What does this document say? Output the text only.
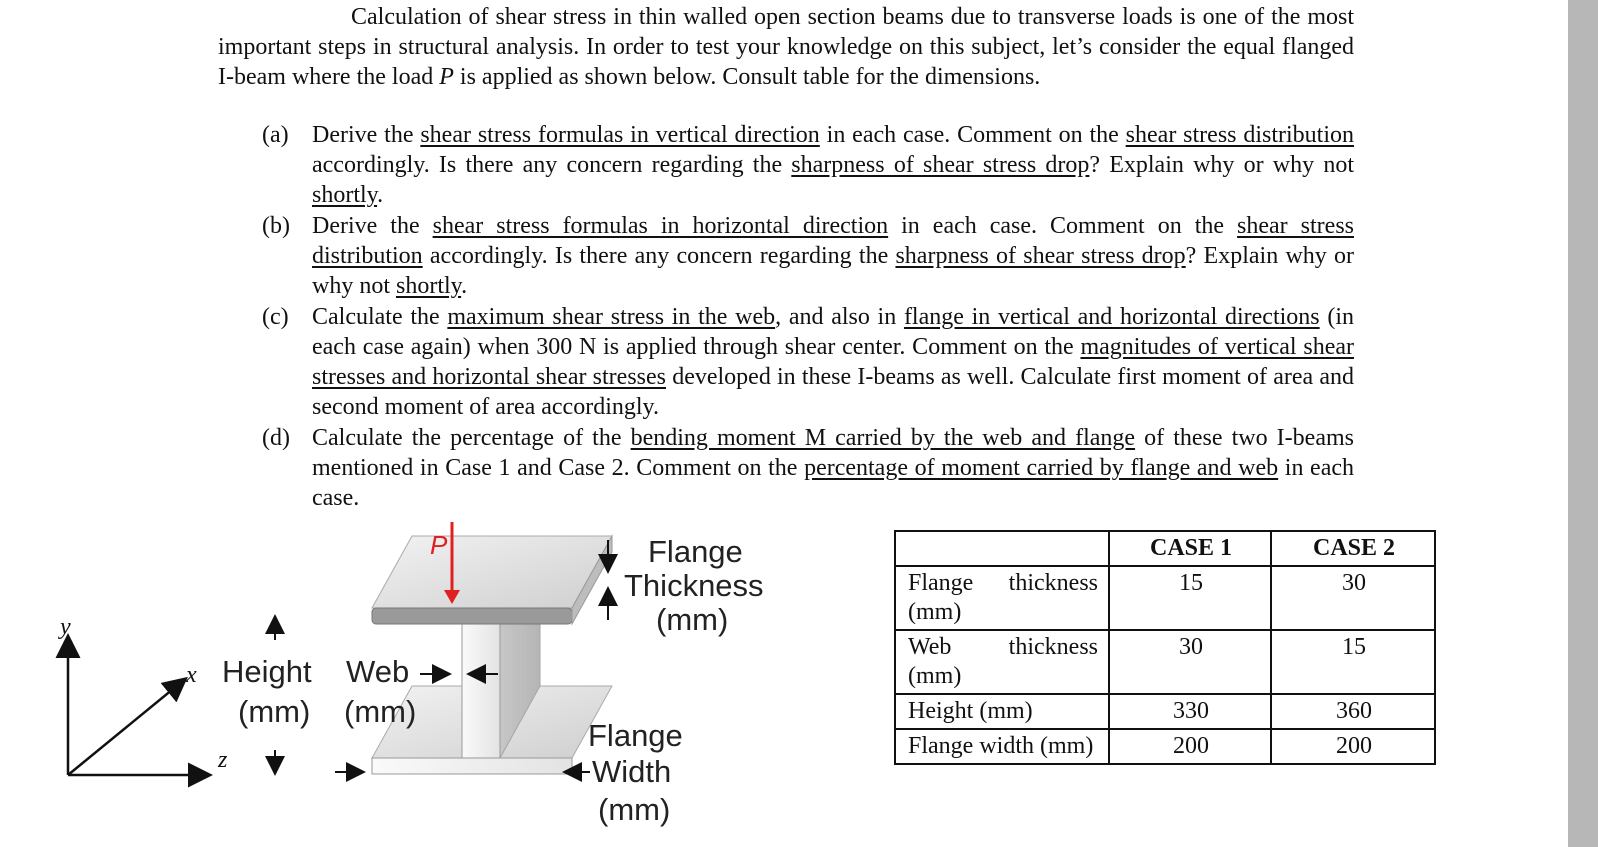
Calculation of shear stress in thin walled open section beams due to transverse loads is one of the most important steps in structural analysis. In order to test your knowledge on this subject, let’s consider the equal flanged I-beam where the load P is applied as shown below. Consult table for the dimensions.

(a) Derive the shear stress formulas in vertical direction in each case. Comment on the shear stress distribution accordingly. Is there any concern regarding the sharpness of shear stress drop? Explain why or why not shortly.
(b) Derive the shear stress formulas in horizontal direction in each case. Comment on the shear stress distribution accordingly. Is there any concern regarding the sharpness of shear stress drop? Explain why or why not shortly.
(c) Calculate the maximum shear stress in the web, and also in flange in vertical and horizontal directions (in each case again) when 300 N is applied through shear center. Comment on the magnitudes of vertical shear stresses and horizontal shear stresses developed in these I-beams as well. Calculate first moment of area and second moment of area accordingly.
(d) Calculate the percentage of the bending moment M carried by the web and flange of these two I-beams mentioned in Case 1 and Case 2. Comment on the percentage of moment carried by flange and web in each case.
y
x
z
P	Flange
Thickness
(mm)
Height
(mm)
Web
(mm)
Flange
Width
(mm)
	CASE 1	CASE 2
Flange thickness (mm)	15	30
Web thickness (mm)	30	15
Height (mm)	330	360
Flange width (mm)	200	200
